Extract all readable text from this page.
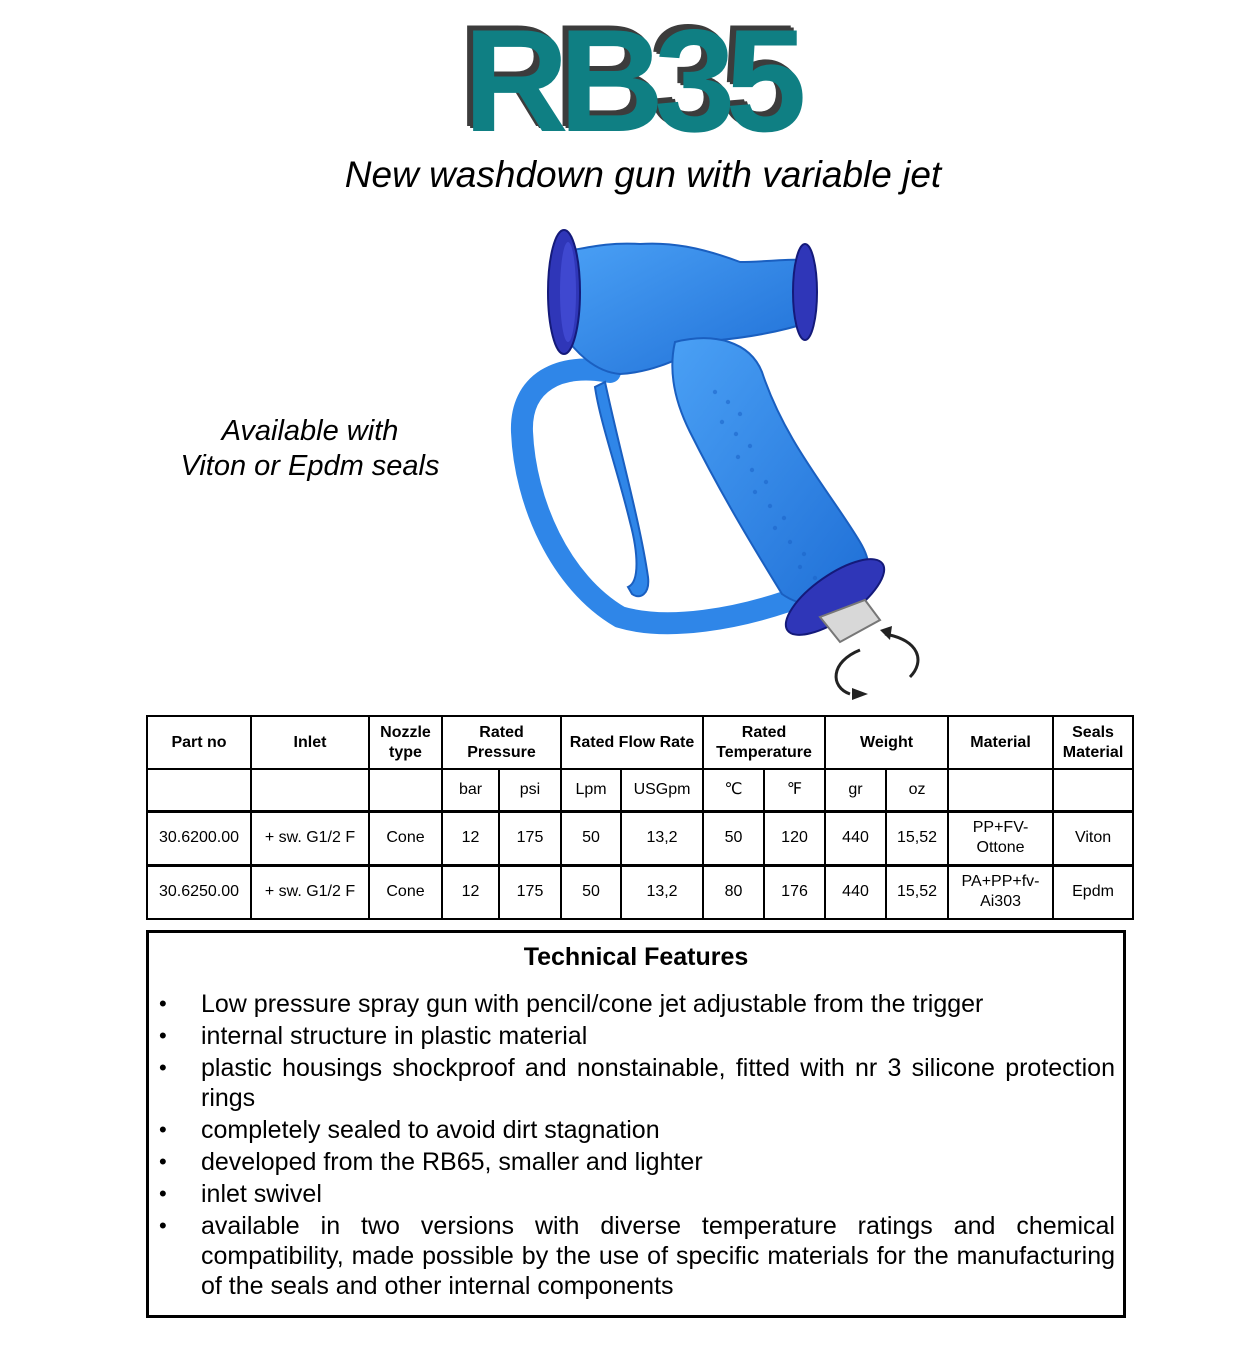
RB35
New washdown gun with variable jet
Available with
Viton or Epdm seals
Part no	Inlet	Nozzle type	Rated Pressure		Rated Flow Rate		Rated Temperature		Weight		Material	Seals Material
			bar	psi	Lpm	USGpm	℃	℉	gr	oz		
30.6200.00	+ sw. G1/2 F	Cone	12	175	50	13,2	50	120	440	15,52	PP+FV-Ottone	Viton
30.6250.00	+ sw. G1/2 F	Cone	12	175	50	13,2	80	176	440	15,52	PA+PP+fv-Ai303	Epdm
Technical Features
• Low pressure spray gun with pencil/cone jet adjustable from the trigger
• internal structure in plastic material
• plastic housings shockproof and nonstainable, fitted with nr 3 silicone protection rings
• completely sealed to avoid dirt stagnation
• developed from the RB65, smaller and lighter
• inlet swivel
• available in two versions with diverse temperature ratings and chemical compatibility, made possible by the use of specific materials for the manufacturing of the seals and other internal components
